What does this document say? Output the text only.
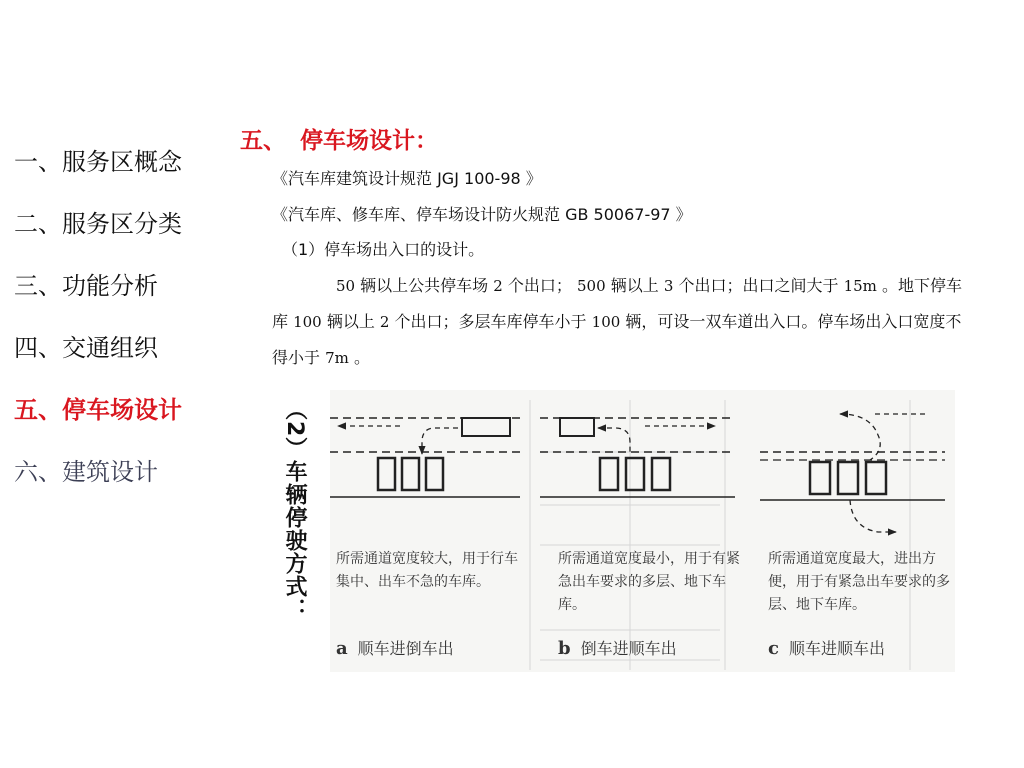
一、服务区概念
二、服务区分类
三、功能分析
四、交通组织
五、停车场设计
六、建筑设计
五、 停车场设计：
《汽车库建筑设计规范 JGJ 100-98 》
《汽车库、修车库、停车场设计防火规范 GB 50067-97 》
（1）停车场出入口的设计。
50 辆以上公共停车场 2 个出口； 500 辆以上 3 个出口；出口之间大于 15m 。地下停车库 100 辆以上 2 个出口；多层车库停车小于 100 辆，可设一双车道出入口。停车场出入口宽度不得小于 7m 。
（2）车辆停驶方式： 所需通道宽度较大，用于行车集中、出车不急的车库。
所需通道宽度最小，用于有紧急出车要求的多层、地下车库。
所需通道宽度最大，进出方便，用于有紧急出车要求的多层、地下车库。
a 顺车进倒车出	b 倒车进顺车出	c 顺车进顺车出
